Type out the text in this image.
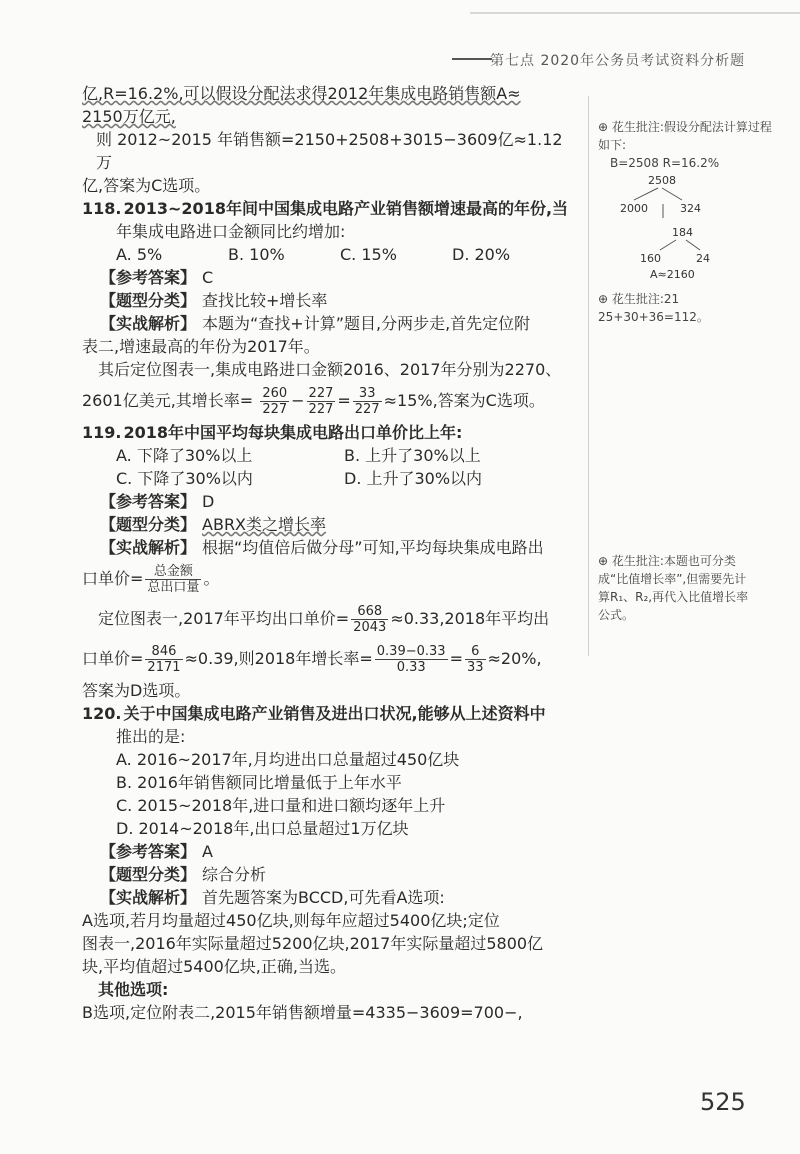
第七点 2020年公务员考试资料分析题

亿,R=16.2%,可以假设分配法求得2012年集成电路销售额A≈

2150万亿元,

则 2012~2015 年销售额=2150+2508+3015−3609亿≈1.12 万

亿,答案为C选项。

118. 2013~2018年间中国集成电路产业销售额增速最高的年份,当

年集成电路进口金额同比约增加:

A. 5%	B. 10%	C. 15%	D. 20%
【参考答案】 C
【题型分类】 查找比较+增长率
【实战解析】 本题为“查找+计算”题目,分两步走,首先定位附
表二,增速最高的年份为2017年。
其后定位图表一,集成电路进口金额2016、2017年分别为2270、
2601亿美元,其增长率= $\frac{260}{227} - \frac{227}{227} = \frac{33}{227} \approx 15\%$,答案为C选项。

119. 2018年中国平均每块集成电路出口单价比上年:

A. 下降了30%以上	B. 上升了30%以上
C. 下降了30%以内	D. 上升了30%以内
【参考答案】 D
【题型分类】 ABRX类之增长率
【实战解析】 根据“均值倍后做分母”可知,平均每块集成电路出
口单价= $\frac{\text{总金额}}{\text{总出口量}}$ 。
定位图表一,2017年平均出口单价= $\frac{668}{2043} \approx 0.33,2018$年平均出
口单价= $\frac{846}{2171} \approx 0.39$,则2018年增长率= $\frac{0.39-0.33}{0.33} = \frac{6}{33} \approx 20\%$,
答案为D选项。

120. 关于中国集成电路产业销售及进出口状况,能够从上述资料中

推出的是:

A. 2016~2017年,月均进出口总量超过450亿块
B. 2016年销售额同比增量低于上年水平
C. 2015~2018年,进口量和进口额均逐年上升
D. 2014~2018年,出口总量超过1万亿块
【参考答案】 A
【题型分类】 综合分析
【实战解析】 首先题答案为BCCD,可先看A选项:
A选项,若月均量超过450亿块,则每年应超过5400亿块;定位
图表一,2016年实际量超过5200亿块,2017年实际量超过5800亿
块,平均值超过5400亿块,正确,当选。
其他选项:
B选项,定位附表二,2015年销售额增量=4335−3609=700−,
⊕ 花生批注:假设分配法计算过程如下:
B=2508 R=16.2%
2508
2000	324
184
160	24
A≈2160
⊕ 花生批注:21 25+30+36=112。
⊕ 花生批注:本题也可分类成“比值增长率”,但需要先计算R₁、R₂,再代入比值增长率公式。
525
